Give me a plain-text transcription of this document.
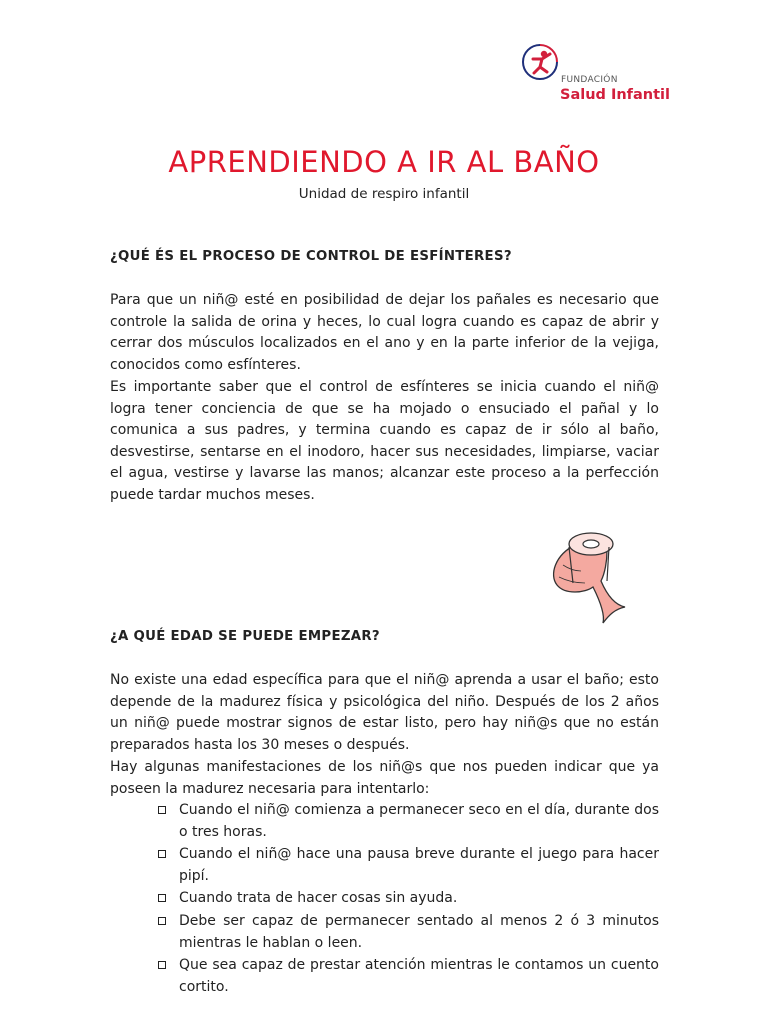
FUNDACIÓN
Salud Infantil
APRENDIENDO A IR AL BAÑO
Unidad de respiro infantil
¿QUÉ ÉS EL PROCESO DE CONTROL DE ESFÍNTERES?

Para que un niñ@ esté en posibilidad de dejar los pañales es necesario que controle la salida de orina y heces, lo cual logra cuando es capaz de abrir y cerrar dos músculos localizados en el ano y en la parte inferior de la vejiga, conocidos como esfínteres.

Es importante saber que el control de esfínteres se inicia cuando el niñ@ logra tener conciencia de que se ha mojado o ensuciado el pañal y lo comunica a sus padres, y termina cuando es capaz de ir sólo al baño, desvestirse, sentarse en el inodoro, hacer sus necesidades, limpiarse, vaciar el agua, vestirse y lavarse las manos; alcanzar este proceso a la perfección puede tardar muchos meses.

¿A QUÉ EDAD SE PUEDE EMPEZAR?

No existe una edad específica para que el niñ@ aprenda a usar el baño; esto depende de la madurez física y psicológica del niño. Después de los 2 años un niñ@ puede mostrar signos de estar listo, pero hay niñ@s que no están preparados hasta los 30 meses o después.

Hay algunas manifestaciones de los niñ@s que nos pueden indicar que ya poseen la madurez necesaria para intentarlo:

Cuando el niñ@ comienza a permanecer seco en el día, durante dos o tres horas.
Cuando el niñ@ hace una pausa breve durante el juego para hacer pipí.
Cuando trata de hacer cosas sin ayuda.
Debe ser capaz de permanecer sentado al menos 2 ó 3 minutos mientras le hablan o leen.
Que sea capaz de prestar atención mientras le contamos un cuento cortito.
